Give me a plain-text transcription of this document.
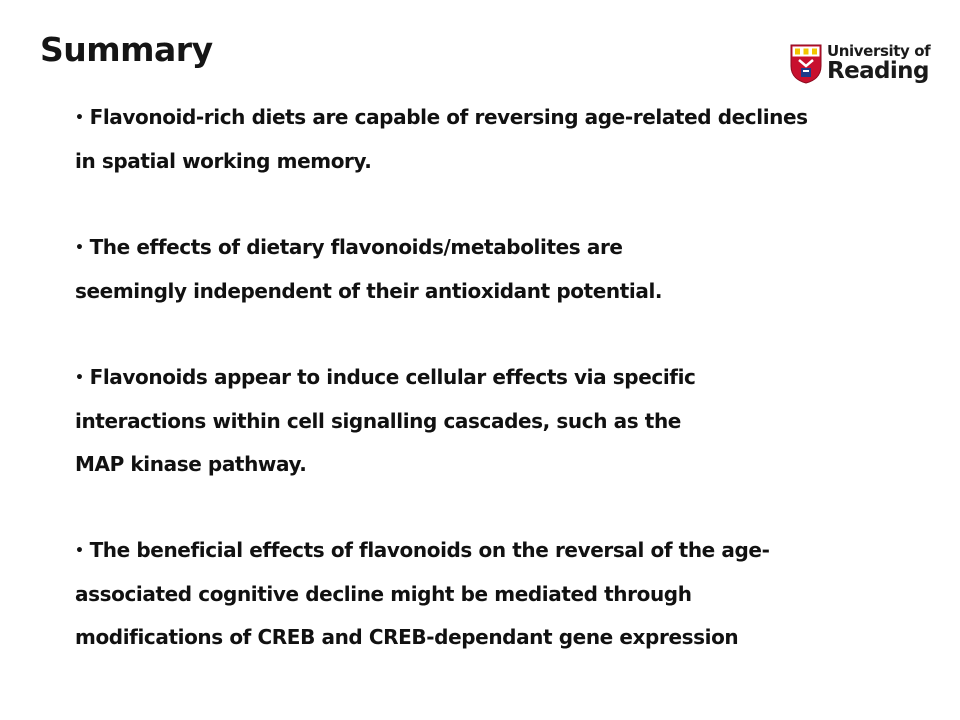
Summary	University of
Reading
• Flavonoid-rich diets are capable of reversing age-related declines
in spatial working memory.
• The effects of dietary flavonoids/metabolites are
seemingly independent of their antioxidant potential.
• Flavonoids appear to induce cellular effects via specific
interactions within cell signalling cascades, such as the
MAP kinase pathway.
• The beneficial effects of flavonoids on the reversal of the age-
associated cognitive decline might be mediated through
modifications of CREB and CREB-dependant gene expression
